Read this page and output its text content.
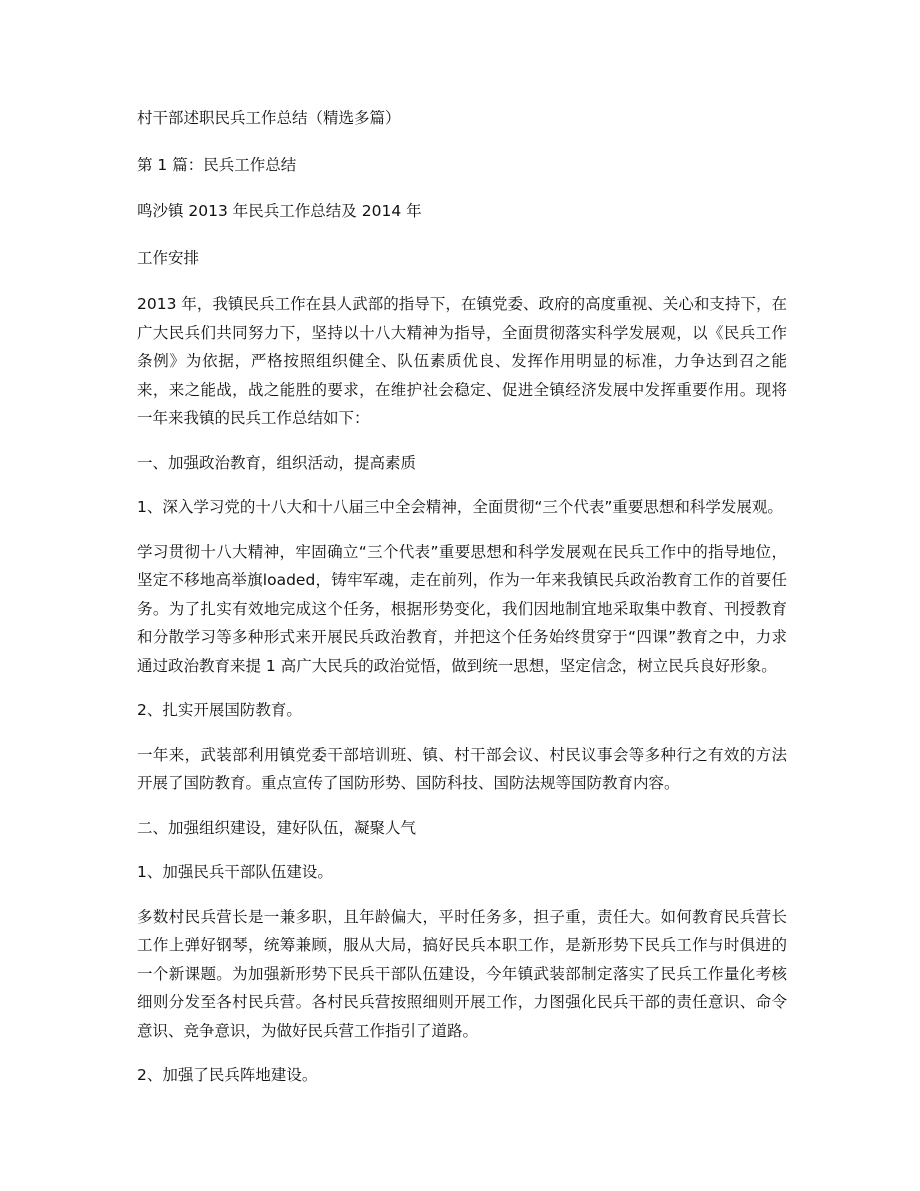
村干部述职民兵工作总结（精选多篇）

第 1 篇：民兵工作总结

鸣沙镇 2013 年民兵工作总结及 2014 年

工作安排

2013 年，我镇民兵工作在县人武部的指导下，在镇党委、政府的高度重视、关心和支持下，在广大民兵们共同努力下，坚持以十八大精神为指导，全面贯彻落实科学发展观，以《民兵工作条例》为依据，严格按照组织健全、队伍素质优良、发挥作用明显的标准，力争达到召之能来，来之能战，战之能胜的要求，在维护社会稳定、促进全镇经济发展中发挥重要作用。现将一年来我镇的民兵工作总结如下：

一、加强政治教育，组织活动，提高素质

1、深入学习党的十八大和十八届三中全会精神，全面贯彻“三个代表”重要思想和科学发展观。

学习贯彻十八大精神，牢固确立“三个代表”重要思想和科学发展观在民兵工作中的指导地位，坚定不移地高举旗loaded，铸牢军魂，走在前列，作为一年来我镇民兵政治教育工作的首要任务。为了扎实有效地完成这个任务，根据形势变化，我们因地制宜地采取集中教育、刊授教育和分散学习等多种形式来开展民兵政治教育，并把这个任务始终贯穿于“四课”教育之中，力求通过政治教育来提 1 高广大民兵的政治觉悟，做到统一思想，坚定信念，树立民兵良好形象。

2、扎实开展国防教育。

一年来，武装部利用镇党委干部培训班、镇、村干部会议、村民议事会等多种行之有效的方法开展了国防教育。重点宣传了国防形势、国防科技、国防法规等国防教育内容。

二、加强组织建设，建好队伍，凝聚人气

1、加强民兵干部队伍建设。

多数村民兵营长是一兼多职，且年龄偏大，平时任务多，担子重，责任大。如何教育民兵营长工作上弹好钢琴，统筹兼顾，服从大局，搞好民兵本职工作，是新形势下民兵工作与时俱进的一个新课题。为加强新形势下民兵干部队伍建设，今年镇武装部制定落实了民兵工作量化考核细则分发至各村民兵营。各村民兵营按照细则开展工作，力图强化民兵干部的责任意识、命令意识、竞争意识，为做好民兵营工作指引了道路。

2、加强了民兵阵地建设。
